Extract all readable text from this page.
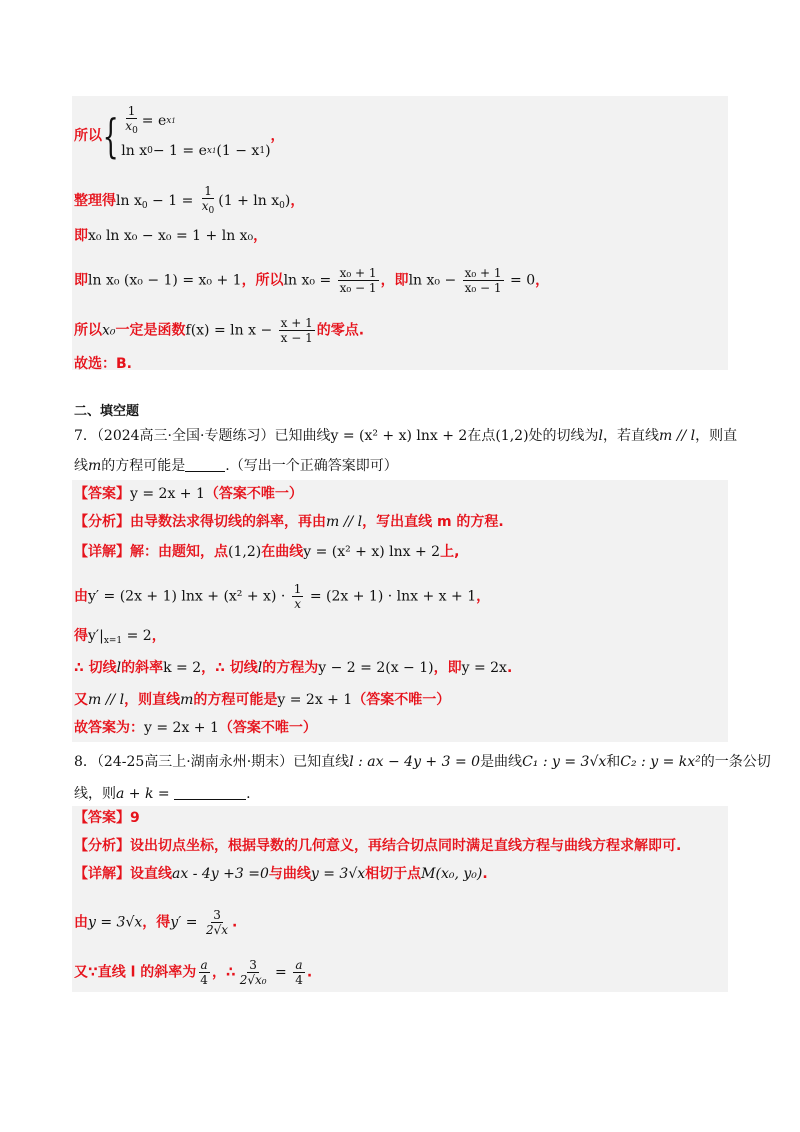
所以{ $\frac{1}{x_0} = e$ x1
ln x 0 − 1 = e x1 (1 − x 1 )
，
整理得$\ln x_0 - 1 = \frac{1}{x_0} (1 + \ln x_0)$，
即x₀ ln x₀ − x₀ = 1 + ln x₀，
即ln x₀ (x₀ − 1) = x₀ + 1，所以$\ln x_0 = \frac{\text{x₀ + 1}}{\text{x₀ − 1}}$ ，即$\ln x_0 - \frac{\text{x₀ + 1}}{\text{x₀ − 1}} = 0$，
所以x₀一定是函数$f(x) = \ln x - \frac{x + 1}{x - 1}$ 的零点.
故选：B.
二、填空题
7．（2024高三·全国·专题练习）已知曲线y = (x² + x) lnx + 2在点(1,2)处的切线为l，若直线m // l，则直
线m的方程可能是	.（写出一个正确答案即可）
【答案】y = 2x + 1（答案不唯一）
【分析】由导数法求得切线的斜率，再由m // l，写出直线 m 的方程.
【详解】解：由题知，点(1,2)在曲线y = (x² + x) lnx + 2上,
由y′ = (2x + 1) $\ln x + (x^2 + x) \cdot \frac{1}{x} = (2x + 1) \cdot \ln x + x + 1$，
得$y'|_{x=1} = 2$，
∴ 切线l的斜率k = 2，∴ 切线l的方程为y − 2 = 2(x − 1)，即y = 2x.
又m // l，则直线m的方程可能是y = 2x + 1（答案不唯一）
故答案为：y = 2x + 1（答案不唯一）
8．（24-25高三上·湖南永州·期末）已知直线l : ax − 4y + 3 = 0是曲线C₁ : y = 3√x和C₂ : y = kx²的一条公切
线，则a + k =	.
【答案】9
【分析】设出切点坐标，根据导数的几何意义，再结合切点同时满足直线方程与曲线方程求解即可.
【详解】设直线ax - 4y +3 =0与曲线y = 3√x相切于点M(x₀, y₀).
由y = 3√x，得$y' = \frac{3}{2√x}$ .
又∵直线 l 的斜率为 $\frac{a}{4}$ ，∴ $\frac{3}{\text{2√x₀}} = \frac{a}{4}$ .
